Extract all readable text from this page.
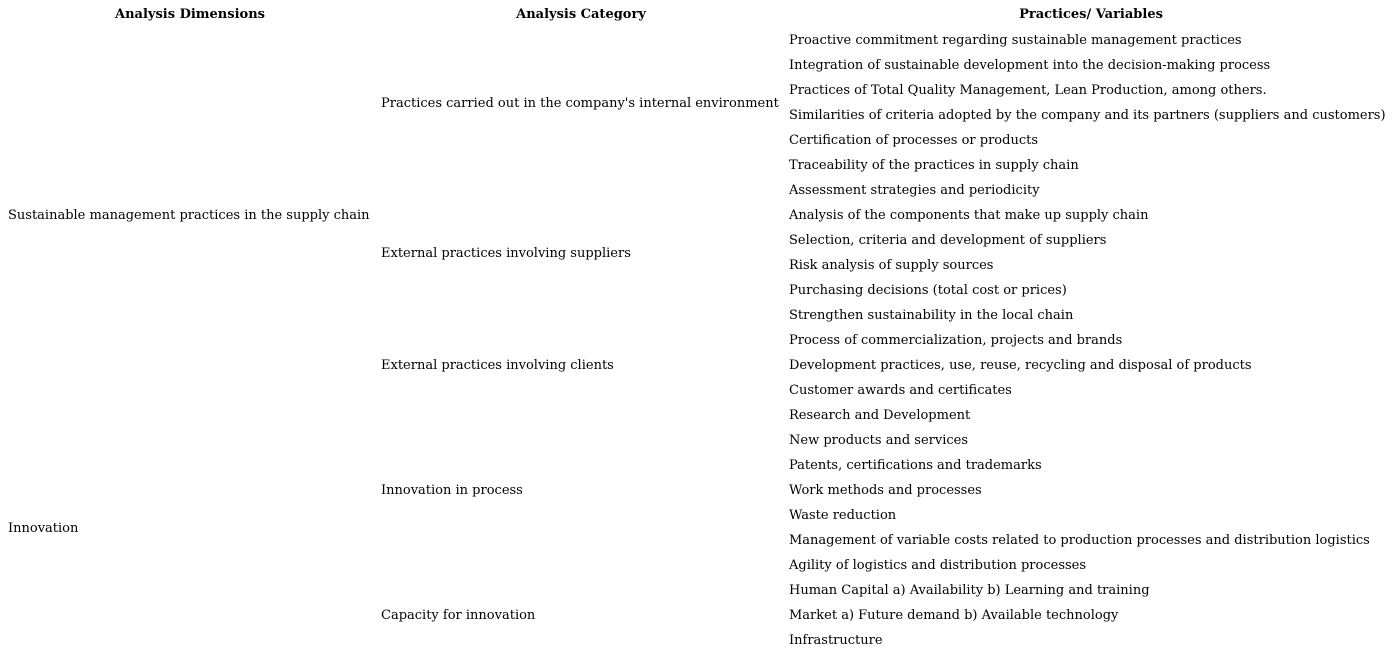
Analysis Dimensions	Analysis Category	Practices/ Variables
Sustainable management practices in the supply chain	Practices carried out in the company's internal environment	Proactive commitment regarding sustainable management practices
		Integration of sustainable development into the decision-making process
		Practices of Total Quality Management, Lean Production, among others.
		Similarities of criteria adopted by the company and its partners (suppliers and customers)
		Certification of processes or products
		Traceability of the practices in supply chain
	External practices involving suppliers	Assessment strategies and periodicity
		Analysis of the components that make up supply chain
		Selection, criteria and development of suppliers
		Risk analysis of supply sources
		Purchasing decisions (total cost or prices)
		Strengthen sustainability in the local chain
	External practices involving clients	Process of commercialization, projects and brands
		Development practices, use, reuse, recycling and disposal of products
		Customer awards and certificates
Innovation	Innovation in process	Research and Development
		New products and services
		Patents, certifications and trademarks
		Work methods and processes
		Waste reduction
		Management of variable costs related to production processes and distribution logistics
		Agility of logistics and distribution processes
	Capacity for innovation	Human Capital a) Availability b) Learning and training
		Market a) Future demand b) Available technology
		Infrastructure
